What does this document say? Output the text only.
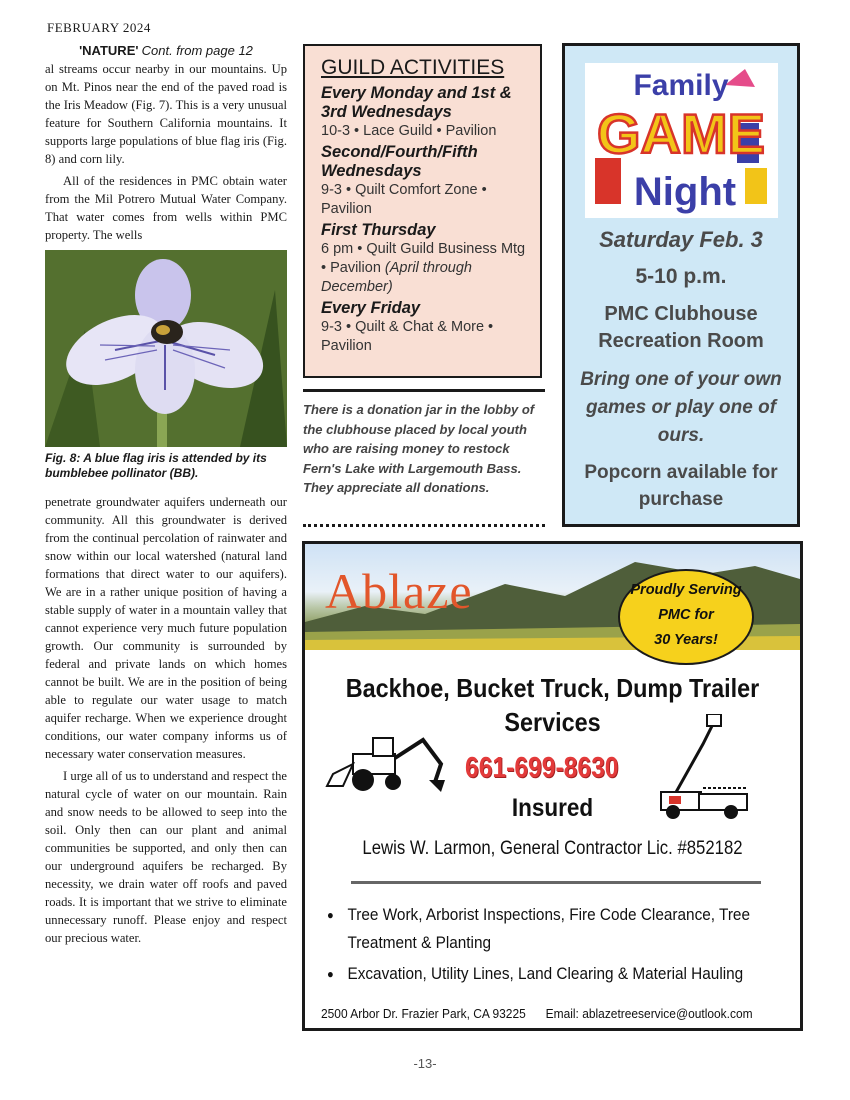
FEBRUARY 2024

'NATURE' Cont. from page 12

al streams occur nearby in our mountains. Up on Mt. Pinos near the end of the paved road is the Iris Meadow (Fig. 7). This is a very unusual feature for Southern California mountains. It supports large populations of blue flag iris (Fig. 8) and corn lily.

All of the residences in PMC obtain water from the Mil Potrero Mutual Water Company. That water comes from wells within PMC property. The wells

Fig. 8: A blue flag iris is attended by its bumblebee pollinator (BB).

penetrate groundwater aquifers underneath our community. All this groundwater is derived from the continual percolation of rainwater and snow within our local watershed (natural land formations that direct water to our aquifers). We are in a rather unique position of having a stable supply of water in a mountain valley that cannot experience very much future population growth. Our community is surrounded by federal and private lands on which homes cannot be built. We are in the position of being able to regulate our water usage to match aquifer recharge. When we experience drought conditions, our water company informs us of necessary water conservation measures.

I urge all of us to understand and respect the natural cycle of water on our mountain. Rain and snow needs to be allowed to seep into the soil. Only then can our plant and animal communities be supported, and only then can our underground aquifers be recharged. By necessity, we drain water off roofs and paved roads. It is important that we strive to eliminate unnecessary runoff. Please enjoy and respect our precious water.

GUILD ACTIVITIES
Every Monday and 1st & 3rd Wednesdays
10-3 • Lace Guild • Pavilion
Second/Fourth/Fifth Wednesdays
9-3 • Quilt Comfort Zone • Pavilion
First Thursday
6 pm • Quilt Guild Business Mtg • Pavilion (April through December)
Every Friday
9-3 • Quilt & Chat & More • Pavilion
There is a donation jar in the lobby of the clubhouse placed by local youth who are raising money to restock Fern's Lake with Largemouth Bass. They appreciate all donations.
Family
GAME
Night
Saturday Feb. 3
5-10 p.m.
PMC Clubhouse Recreation Room
Bring one of your own games or play one of ours.
Popcorn available for purchase
Ablaze	Proudly Serving
PMC for
30 Years!
Backhoe, Bucket Truck, Dump Trailer Services
661-699-8630
Insured
Lewis W. Larmon, General Contractor Lic. #852182
● Tree Work, Arborist Inspections, Fire Code Clearance, Tree Treatment & Planting
● Excavation, Utility Lines, Land Clearing & Material Hauling
2500 Arbor Dr. Frazier Park, CA 93225 Email: ablazetreeservice@outlook.com
-13-
